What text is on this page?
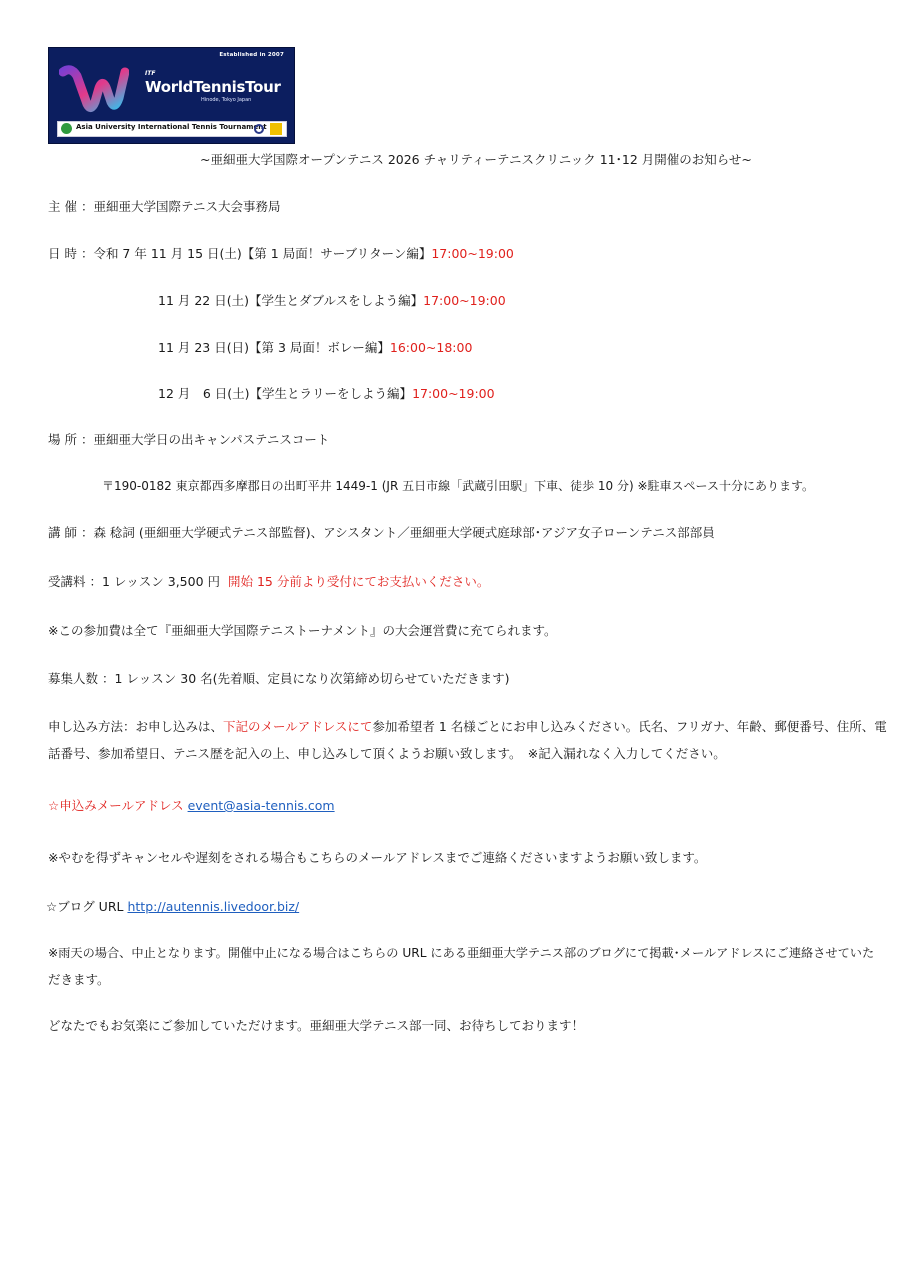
Established in 2007
ITF
WorldTennisTour
Hinode, Tokyo Japan
Asia University International Tennis Tournament
~亜細亜大学国際オープンテニス 2026 チャリティーテニスクリニック 11･12 月開催のお知らせ~
主 催 ：亜細亜大学国際テニス大会事務局
日 時 ：令和 7 年 11 月 15 日(土)【第 1 局面！サーブリターン編】17:00~19:00
11 月 22 日(土)【学生とダブルスをしよう編】17:00~19:00
11 月 23 日(日)【第 3 局面！ボレー編】16:00~18:00
12 月　6 日(土)【学生とラリーをしよう編】17:00~19:00
場 所 ：亜細亜大学日の出キャンパステニスコート
〒190-0182 東京都西多摩郡日の出町平井 1449-1 (JR 五日市線「武蔵引田駅」下車、徒歩 10 分) ※駐車スペース十分にあります。
講 師 ：森 稔詞 (亜細亜大学硬式テニス部監督)、アシスタント／亜細亜大学硬式庭球部･アジア女子ローンテニス部部員
受講料 ：1 レッスン 3,500 円 開始 15 分前より受付にてお支払いください。
※この参加費は全て『亜細亜大学国際テニストーナメント』の大会運営費に充てられます。
募集人数 ：1 レッスン 30 名(先着順、定員になり次第締め切らせていただきます)
申し込み方法：お申し込みは、下記のメールアドレスにて参加希望者 1 名様ごとにお申し込みください。氏名、フリガナ、年齢、郵便番号、住所、電
話番号、参加希望日、テニス歴を記入の上、申し込みして頂くようお願い致します。　※記入漏れなく入力してください。
☆申込みメールアドレス event@asia-tennis.com
※やむを得ずキャンセルや遅刻をされる場合もこちらのメールアドレスまでご連絡くださいますようお願い致します。
☆ブログ URL http://autennis.livedoor.biz/
※雨天の場合、中止となります。開催中止になる場合はこちらの URL にある亜細亜大学テニス部のブログにて掲載･メールアドレスにご連絡させていた
だきます。
どなたでもお気楽にご参加していただけます。亜細亜大学テニス部一同、お待ちしております！
